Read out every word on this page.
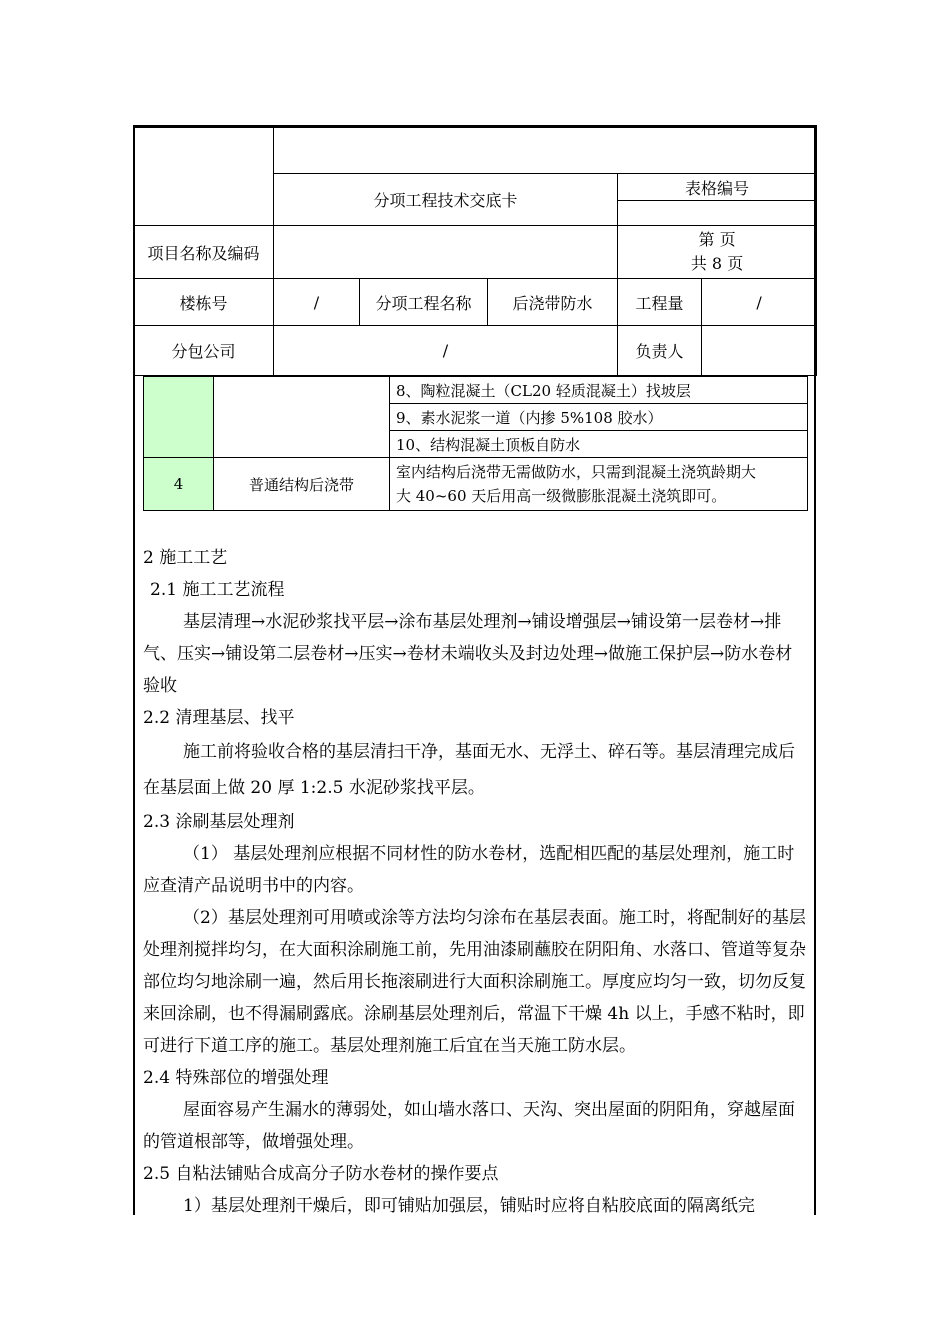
	分项工程技术交底卡			表格编号	

项目名称及编码				第 页
共 8 页	

楼栋号	/	分项工程名称	后浇带防水	工程量	/
分包公司	/			负责人	
		8、陶粒混凝土（CL20 轻质混凝土）找坡层
		9、素水泥浆一道（内掺 5%108 胶水）
		10、结构混凝土顶板自防水
4	普通结构后浇带	室内结构后浇带无需做防水，只需到混凝土浇筑龄期大
大 40~60 天后用高一级微膨胀混凝土浇筑即可。

2 施工工艺

2.1 施工工艺流程

基层清理→水泥砂浆找平层→涂布基层处理剂→铺设增强层→铺设第一层卷材→排气、压实→铺设第二层卷材→压实→卷材未端收头及封边处理→做施工保护层→防水卷材验收

2.2 清理基层、找平

施工前将验收合格的基层清扫干净，基面无水、无浮土、碎石等。基层清理完成后在基层面上做 20 厚 1:2.5 水泥砂浆找平层。

2.3 涂刷基层处理剂

（1） 基层处理剂应根据不同材性的防水卷材，选配相匹配的基层处理剂，施工时应查清产品说明书中的内容。

（2）基层处理剂可用喷或涂等方法均匀涂布在基层表面。施工时，将配制好的基层处理剂搅拌均匀，在大面积涂刷施工前，先用油漆刷蘸胶在阴阳角、水落口、管道等复杂部位均匀地涂刷一遍，然后用长拖滚刷进行大面积涂刷施工。厚度应均匀一致，切勿反复来回涂刷，也不得漏刷露底。涂刷基层处理剂后，常温下干燥 4h 以上，手感不粘时，即可进行下道工序的施工。基层处理剂施工后宜在当天施工防水层。

2.4 特殊部位的增强处理

屋面容易产生漏水的薄弱处，如山墙水落口、天沟、突出屋面的阴阳角，穿越屋面的管道根部等，做增强处理。

2.5 自粘法铺贴合成高分子防水卷材的操作要点

1）基层处理剂干燥后，即可铺贴加强层，铺贴时应将自粘胶底面的隔离纸完
